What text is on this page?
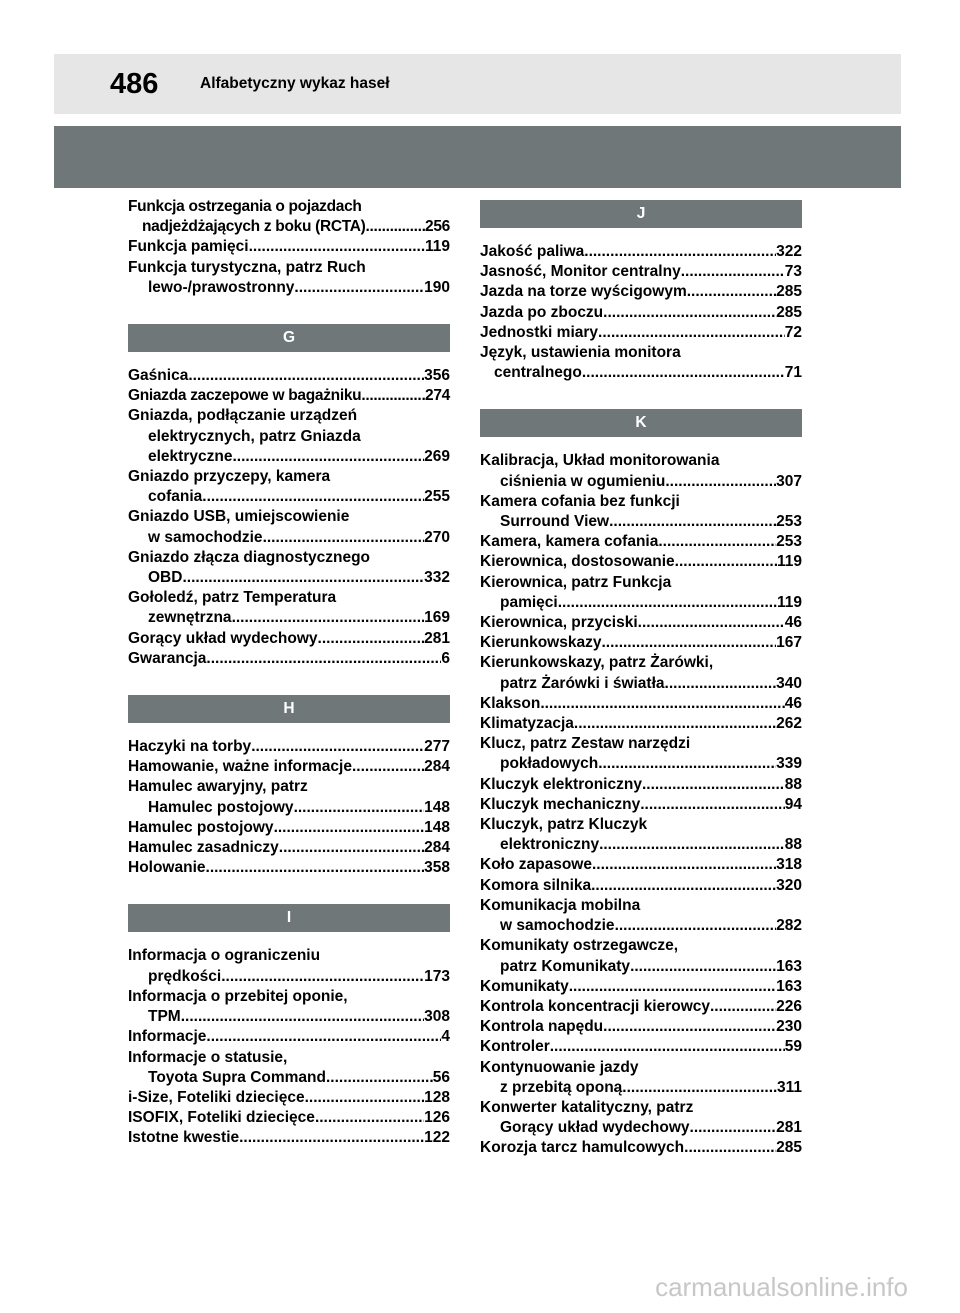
486	Alfabetyczny wykaz haseł
Funkcja ostrzegania o pojazdach
nadjeżdżających z boku (RCTA) .....	256
Funkcja pamięci .....	119
Funkcja turystyczna, patrz Ruch
lewo-/prawostronny .....	190
G
Gaśnica .....	356
Gniazda zaczepowe w bagażniku .....	274
Gniazda, podłączanie urządzeń
elektrycznych, patrz Gniazda
elektryczne .....	269
Gniazdo przyczepy, kamera
cofania .....	255
Gniazdo USB, umiejscowienie
w samochodzie .....	270
Gniazdo złącza diagnostycznego
OBD .....	332
Gołoledź, patrz Temperatura
zewnętrzna .....	169
Gorący układ wydechowy .....	281
Gwarancja .....	6
H
Haczyki na torby .....	277
Hamowanie, ważne informacje .....	284
Hamulec awaryjny, patrz
Hamulec postojowy .....	148
Hamulec postojowy .....	148
Hamulec zasadniczy .....	284
Holowanie .....	358
I
Informacja o ograniczeniu
prędkości .....	173
Informacja o przebitej oponie,
TPM .....	308
Informacje .....	4
Informacje o statusie,
Toyota Supra Command .....	56
i-Size, Foteliki dziecięce .....	128
ISOFIX, Foteliki dziecięce .....	126
Istotne kwestie .....	122
J
Jakość paliwa .....	322
Jasność, Monitor centralny .....	73
Jazda na torze wyścigowym .....	285
Jazda po zboczu .....	285
Jednostki miary .....	72
Język, ustawienia monitora
centralnego .....	71
K
Kalibracja, Układ monitorowania
ciśnienia w ogumieniu .....	307
Kamera cofania bez funkcji
Surround View .....	253
Kamera, kamera cofania .....	253
Kierownica, dostosowanie .....	119
Kierownica, patrz Funkcja
pamięci .....	119
Kierownica, przyciski .....	46
Kierunkowskazy .....	167
Kierunkowskazy, patrz Żarówki,
patrz Żarówki i światła .....	340
Klakson .....	46
Klimatyzacja .....	262
Klucz, patrz Zestaw narzędzi
pokładowych .....	339
Kluczyk elektroniczny .....	88
Kluczyk mechaniczny .....	94
Kluczyk, patrz Kluczyk
elektroniczny .....	88
Koło zapasowe .....	318
Komora silnika .....	320
Komunikacja mobilna
w samochodzie .....	282
Komunikaty ostrzegawcze,
patrz Komunikaty .....	163
Komunikaty .....	163
Kontrola koncentracji kierowcy .....	226
Kontrola napędu .....	230
Kontroler .....	59
Kontynuowanie jazdy
z przebitą oponą .....	311
Konwerter katalityczny, patrz
Gorący układ wydechowy .....	281
Korozja tarcz hamulcowych .....	285
carmanualsonline.info
